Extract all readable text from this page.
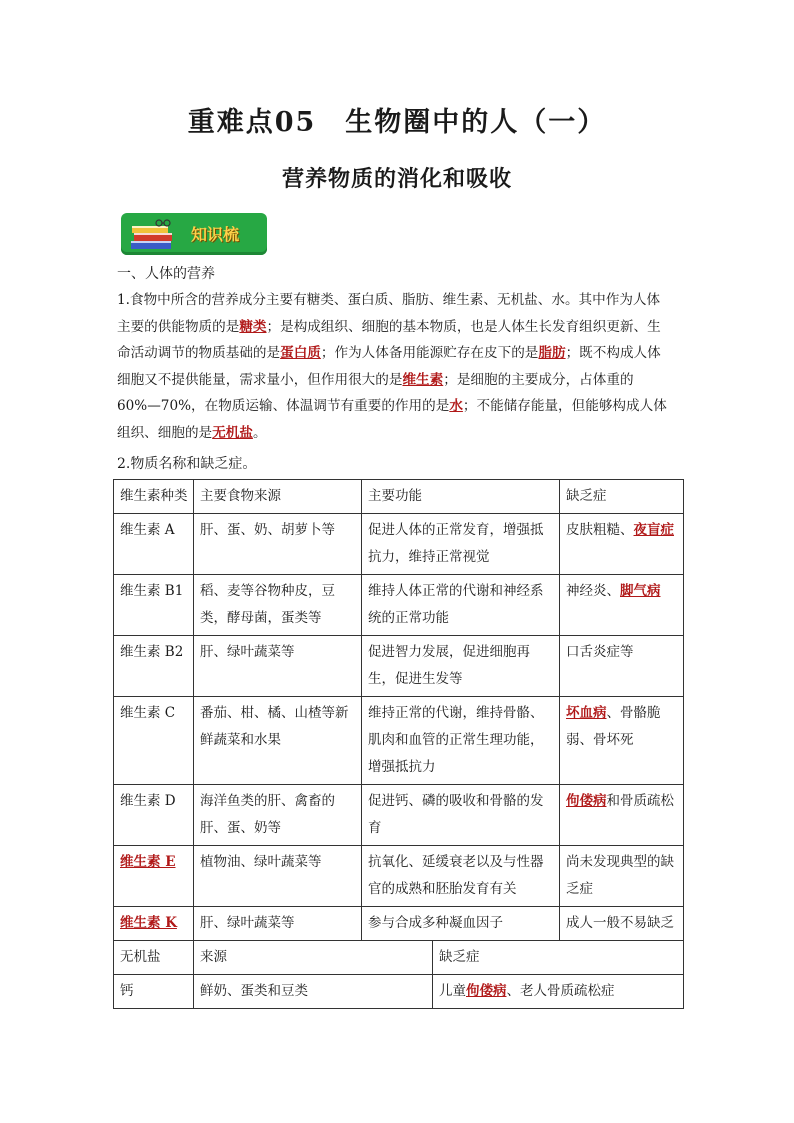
重难点05　生物圈中的人（一）
营养物质的消化和吸收
知识梳
一、人体的营养
1.食物中所含的营养成分主要有糖类、蛋白质、脂肪、维生素、无机盐、水。其中作为人体
主要的供能物质的是糖类；是构成组织、细胞的基本物质，也是人体生长发育组织更新、生
命活动调节的物质基础的是蛋白质；作为人体备用能源贮存在皮下的是脂肪；既不构成人体
细胞又不提供能量，需求量小，但作用很大的是维生素；是细胞的主要成分，占体重的
60%—70%，在物质运输、体温调节有重要的作用的是水；不能储存能量，但能够构成人体
组织、细胞的是无机盐。
2.物质名称和缺乏症。
维生素种类	主要食物来源	主要功能		缺乏症
维生素 A	肝、蛋、奶、胡萝卜等	促进人体的正常发育，增强抵抗力，维持正常视觉		皮肤粗糙、夜盲症
维生素 B1	稻、麦等谷物种皮，豆类，酵母菌，蛋类等	维持人体正常的代谢和神经系统的正常功能		神经炎、脚气病
维生素 B2	肝、绿叶蔬菜等	促进智力发展，促进细胞再生，促进生发等		口舌炎症等
维生素 C	番茄、柑、橘、山楂等新鲜蔬菜和水果	维持正常的代谢，维持骨骼、肌肉和血管的正常生理功能，增强抵抗力		坏血病、骨骼脆弱、骨坏死
维生素 D	海洋鱼类的肝、禽畜的肝、蛋、奶等	促进钙、磷的吸收和骨骼的发育		佝偻病和骨质疏松
维生素 E	植物油、绿叶蔬菜等	抗氧化、延缓衰老以及与性器官的成熟和胚胎发育有关		尚未发现典型的缺乏症
维生素 K	肝、绿叶蔬菜等	参与合成多种凝血因子		成人一般不易缺乏
无机盐	来源		缺乏症	
钙	鲜奶、蛋类和豆类		儿童佝偻病、老人骨质疏松症	
